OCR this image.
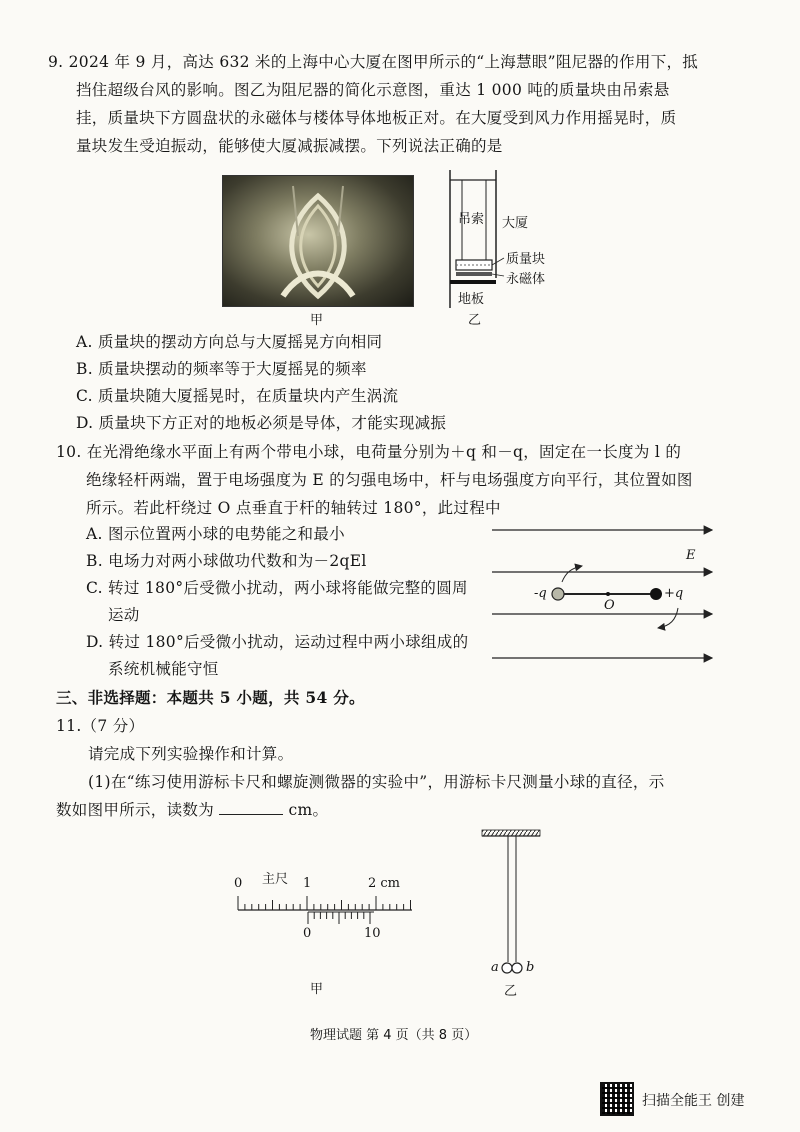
9. 2024 年 9 月，高达 632 米的上海中心大厦在图甲所示的“上海慧眼”阻尼器的作用下，抵
挡住超级台风的影响。图乙为阻尼器的简化示意图，重达 1 000 吨的质量块由吊索悬
挂，质量块下方圆盘状的永磁体与楼体导体地板正对。在大厦受到风力作用摇晃时，质
量块发生受迫振动，能够使大厦减振减摆。下列说法正确的是
甲
吊索 大厦
质量块
永磁体
地板
乙
A. 质量块的摆动方向总与大厦摇晃方向相同
B. 质量块摆动的频率等于大厦摇晃的频率
C. 质量块随大厦摇晃时，在质量块内产生涡流
D. 质量块下方正对的地板必须是导体，才能实现减振
10. 在光滑绝缘水平面上有两个带电小球，电荷量分别为＋q 和－q，固定在一长度为 l 的
绝缘轻杆两端，置于电场强度为 E 的匀强电场中，杆与电场强度方向平行，其位置如图
所示。若此杆绕过 O 点垂直于杆的轴转过 180°，此过程中
A. 图示位置两小球的电势能之和最小
B. 电场力对两小球做功代数和为－2qEl
C. 转过 180°后受微小扰动，两小球将能做完整的圆周
运动
D. 转过 180°后受微小扰动，运动过程中两小球组成的
系统机械能守恒
E
-q	+q
O
三、非选择题：本题共 5 小题，共 54 分。
11.（7 分）
请完成下列实验操作和计算。
(1)在“练习使用游标卡尺和螺旋测微器的实验中”，用游标卡尺测量小球的直径，示
数如图甲所示，读数为	cm。
主尺
0	1	2 cm
0	10
甲
a b
乙
物理试题 第 4 页（共 8 页）
扫描全能王 创建
